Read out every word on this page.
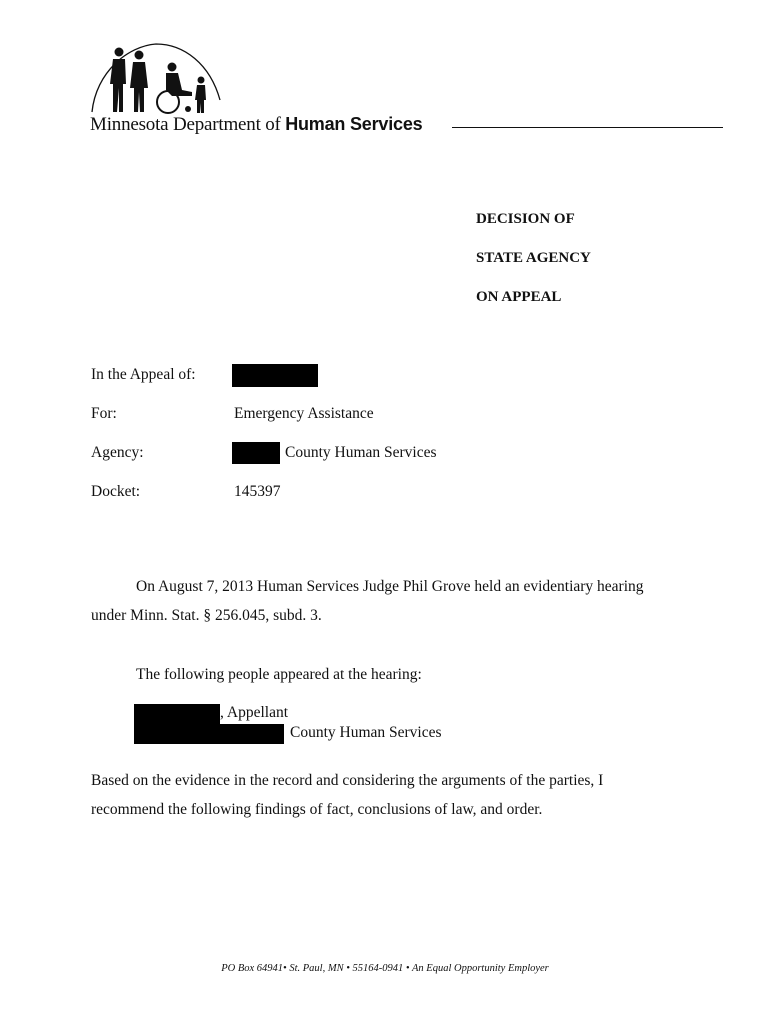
Minnesota Department of Human Services
DECISION OF
STATE AGENCY
ON APPEAL
In the Appeal of:
For:	Emergency Assistance
Agency:	County Human Services
Docket:	145397
On August 7, 2013 Human Services Judge Phil Grove held an evidentiary hearing
under Minn. Stat. § 256.045, subd. 3.
The following people appeared at the hearing:
, Appellant
County Human Services
Based on the evidence in the record and considering the arguments of the parties, I
recommend the following findings of fact, conclusions of law, and order.
PO Box 64941• St. Paul, MN • 55164-0941 • An Equal Opportunity Employer
